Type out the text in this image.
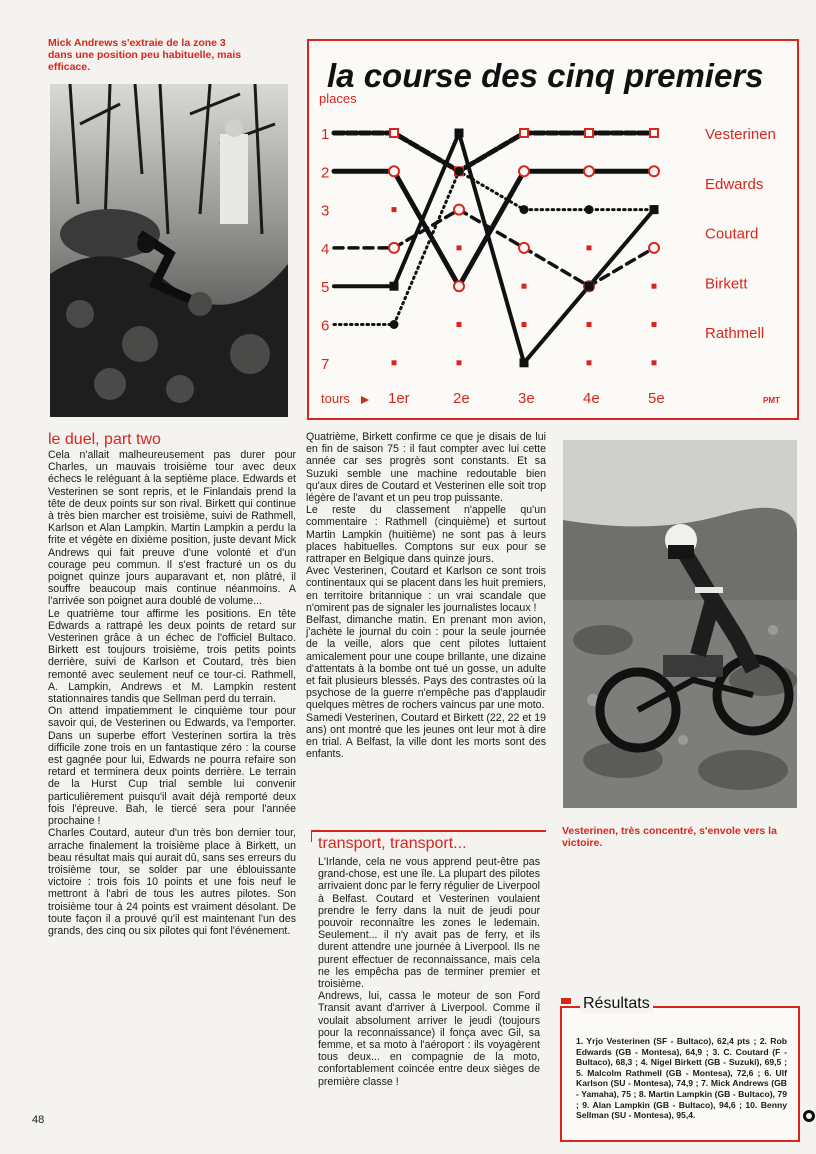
Mick Andrews s'extraie de la zone 3 dans une position peu habituelle, mais efficace.	la course des cinq premiers
places
tours	PMT
1
2
3
4
5
6
7
1er	2e	3e	4e	5e
Vesterinen
Edwards
Coutard
Birkett
Rathmell
le duel, part two

Cela n'allait malheureusement pas durer pour Charles, un mauvais troisième tour avec deux échecs le reléguant à la septième place. Edwards et Vesterinen se sont repris, et le Finlandais prend la tête de deux points sur son rival. Birkett qui continue à très bien marcher est troisième, suivi de Rathmell, Karlson et Alan Lampkin. Martin Lampkin a perdu la frite et végète en dixième position, juste devant Mick Andrews qui fait preuve d'une volonté et d'un courage peu commun. Il s'est fracturé un os du poignet quinze jours auparavant et, non plâtré, il souffre beaucoup mais continue néanmoins. A l'arrivée son poignet aura doublé de volume...

Le quatrième tour affirme les positions. En tête Edwards a rattrapé les deux points de retard sur Vesterinen grâce à un échec de l'officiel Bultaco. Birkett est toujours troisième, trois petits points derrière, suivi de Karlson et Coutard, très bien remonté avec seulement neuf ce tour-ci. Rathmell, A. Lampkin, Andrews et M. Lampkin restent stationnaires tandis que Sellman perd du terrain.

On attend impatiemment le cinquième tour pour savoir qui, de Vesterinen ou Edwards, va l'emporter. Dans un superbe effort Vesterinen sortira la très difficile zone trois en un fantastique zéro : la course est gagnée pour lui, Edwards ne pourra refaire son retard et terminera deux points derrière. Le terrain de la Hurst Cup trial semble lui convenir particulièrement puisqu'il avait déjà remporté deux fois l'épreuve. Bah, le tiercé sera pour l'année prochaine !

Charles Coutard, auteur d'un très bon dernier tour, arrache finalement la troisième place à Birkett, un beau résultat mais qui aurait dû, sans ses erreurs du troisième tour, se solder par une éblouissante victoire : trois fois 10 points et une fois neuf le mettront à l'abri de tous les autres pilotes. Son troisième tour à 24 points est vraiment désolant. De toute façon il a prouvé qu'il est maintenant l'un des grands, des cinq ou six pilotes qui font l'événement.

Quatrième, Birkett confirme ce que je disais de lui en fin de saison 75 : il faut compter avec lui cette année car ses progrès sont constants. Et sa Suzuki semble une machine redoutable bien qu'aux dires de Coutard et Vesterinen elle soit trop légère de l'avant et un peu trop puissante.

Le reste du classement n'appelle qu'un commentaire : Rathmell (cinquième) et surtout Martin Lampkin (huitième) ne sont pas à leurs places habituelles. Comptons sur eux pour se rattraper en Belgique dans quinze jours.

Avec Vesterinen, Coutard et Karlson ce sont trois continentaux qui se placent dans les huit premiers, en territoire britannique : un vrai scandale que n'omirent pas de signaler les journalistes locaux !

Belfast, dimanche matin. En prenant mon avion, j'achète le journal du coin : pour la seule journée de la veille, alors que cent pilotes luttaient amicalement pour une coupe brillante, une dizaine d'attentats à la bombe ont tué un gosse, un adulte et fait plusieurs blessés. Pays des contrastes où la psychose de la guerre n'empêche pas d'applaudir quelques mètres de rochers vaincus par une moto.

Samedi Vesterinen, Coutard et Birkett (22, 22 et 19 ans) ont montré que les jeunes ont leur mot à dire en trial. A Belfast, la ville dont les morts sont des enfants.

Vesterinen, très concentré, s'envole vers la victoire.
transport, transport...

L'Irlande, cela ne vous apprend peut-être pas grand-chose, est une île. La plupart des pilotes arrivaient donc par le ferry régulier de Liverpool à Belfast. Coutard et Vesterinen voulaient prendre le ferry dans la nuit de jeudi pour pouvoir reconnaître les zones le ledemain. Seulement... il n'y avait pas de ferry, et ils durent attendre une journée à Liverpool. Ils ne purent effectuer de reconnaissance, mais cela ne les empêcha pas de terminer premier et troisième.

Andrews, lui, cassa le moteur de son Ford Transit avant d'arriver à Liverpool. Comme il voulait absolument arriver le jeudi (toujours pour la reconnaissance) il fonça avec Gil, sa femme, et sa moto à l'aéroport : ils voyagèrent tous deux... en compagnie de la moto, confortablement coincée entre deux sièges de première classe !

Résultats
1. Yrjo Vesterinen (SF - Bultaco), 62,4 pts ; 2. Rob Edwards (GB - Montesa), 64,9 ; 3. C. Coutard (F - Bultaco), 68,3 ; 4. Nigel Birkett (GB - Suzuki), 69,5 ; 5. Malcolm Rathmell (GB - Montesa), 72,6 ; 6. Ulf Karlson (SU - Montesa), 74,9 ; 7. Mick Andrews (GB - Yamaha), 75 ; 8. Martin Lampkin (GB - Bultaco), 79 ; 9. Alan Lampkin (GB - Bultaco), 94,6 ; 10. Benny Sellman (SU - Montesa), 95,4.
48
